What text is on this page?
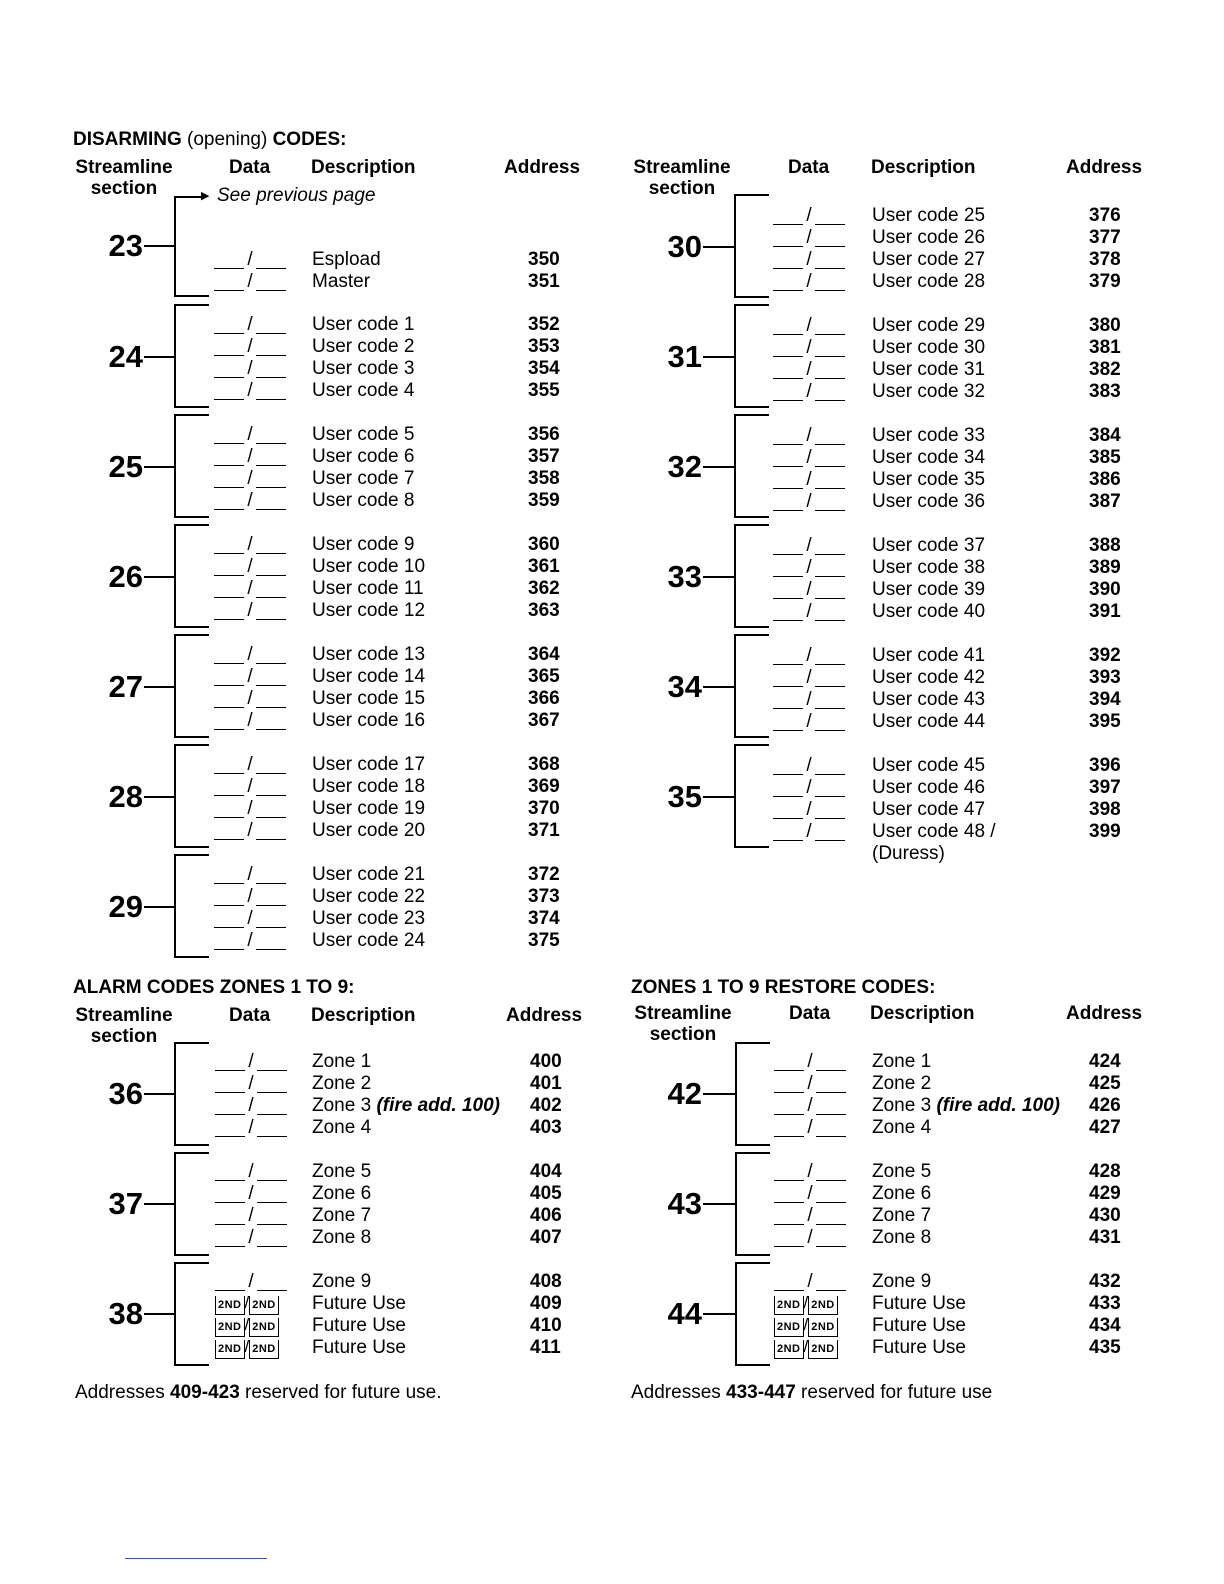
DISARMING (opening) CODES:
Streamline
section
Data Description	Address	Streamline
section
Data Description	Address
▶ See previous page
23	/	Espload	350
/	Master	351
24
/	User code 1	352
/	User code 2	353
/	User code 3	354
/	User code 4	355
25
/	User code 5	356
/	User code 6	357
/	User code 7	358
/	User code 8	359
26
/	User code 9	360
/	User code 10	361
/	User code 11	362
/	User code 12	363
27
/	User code 13	364
/	User code 14	365
/	User code 15	366
/	User code 16	367
28
/	User code 17	368
/	User code 18	369
/	User code 19	370
/	User code 20	371
29
/	User code 21	372
/	User code 22	373
/	User code 23	374
/	User code 24	375
30
/	User code 25	376
/	User code 26	377
/	User code 27	378
/	User code 28	379
31
/	User code 29	380
/	User code 30	381
/	User code 31	382
/	User code 32	383
32
/	User code 33	384
/	User code 34	385
/	User code 35	386
/	User code 36	387
33
/	User code 37	388
/	User code 38	389
/	User code 39	390
/	User code 40	391
34
/	User code 41	392
/	User code 42	393
/	User code 43	394
/	User code 44	395
35
/	User code 45	396
/	User code 46	397
/	User code 47	398
/	User code 48 /	399
(Duress)
ALARM CODES ZONES 1 TO 9:
Streamline
section
Data Description	Address
36
/	Zone 1	400
/	Zone 2	401
/	Zone 3 (fire add. 100) 402
/	Zone 4	403
37
/	Zone 5	404
/	Zone 6	405
/	Zone 7	406
/	Zone 8	407
38
/	Zone 9	408
2ND / 2ND Future Use	409
2ND / 2ND Future Use	410
2ND / 2ND Future Use	411
Addresses 409-423 reserved for future use.
ZONES 1 TO 9 RESTORE CODES:
Streamline
section
Data Description	Address
42
/	Zone 1	424
/	Zone 2	425
/	Zone 3 (fire add. 100) 426
/	Zone 4	427
43
/	Zone 5	428
/	Zone 6	429
/	Zone 7	430
/	Zone 8	431
44
/	Zone 9	432
2ND / 2ND Future Use	433
2ND / 2ND Future Use	434
2ND / 2ND Future Use	435
Addresses 433-447 reserved for future use
